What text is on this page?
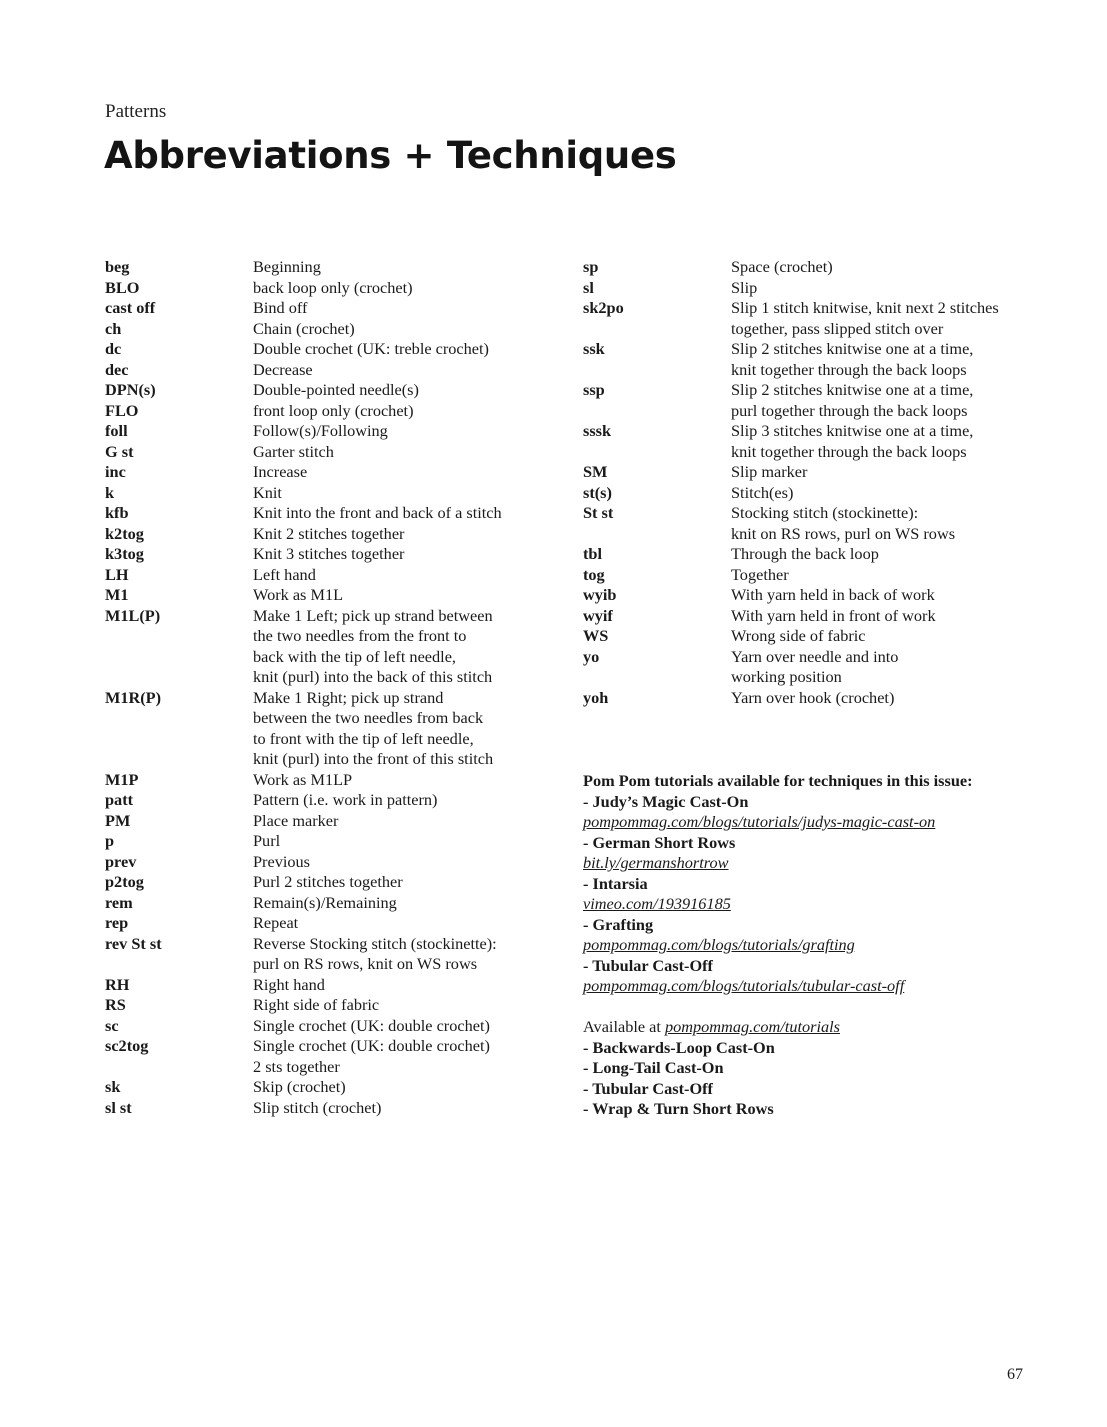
Patterns
Abbreviations + Techniques
beg	Beginning
BLO	back loop only (crochet)
cast off	Bind off
ch	Chain (crochet)
dc	Double crochet (UK: treble crochet)
dec	Decrease
DPN(s)	Double-pointed needle(s)
FLO	front loop only (crochet)
foll	Follow(s)/Following
G st	Garter stitch
inc	Increase
k	Knit
kfb	Knit into the front and back of a stitch
k2tog	Knit 2 stitches together
k3tog	Knit 3 stitches together
LH	Left hand
M1	Work as M1L
M1L(P)	Make 1 Left; pick up strand between
the two needles from the front to
back with the tip of left needle,
knit (purl) into the back of this stitch
M1R(P)	Make 1 Right; pick up strand
between the two needles from back
to front with the tip of left needle,
knit (purl) into the front of this stitch
M1P	Work as M1LP
patt	Pattern (i.e. work in pattern)
PM	Place marker
p	Purl
prev	Previous
p2tog	Purl 2 stitches together
rem	Remain(s)/Remaining
rep	Repeat
rev St st	Reverse Stocking stitch (stockinette):
purl on RS rows, knit on WS rows
RH	Right hand
RS	Right side of fabric
sc	Single crochet (UK: double crochet)
sc2tog	Single crochet (UK: double crochet)
2 sts together
sk	Skip (crochet)
sl st	Slip stitch (crochet)
sp	Space (crochet)
sl	Slip
sk2po	Slip 1 stitch knitwise, knit next 2 stitches
together, pass slipped stitch over
ssk	Slip 2 stitches knitwise one at a time,
knit together through the back loops
ssp	Slip 2 stitches knitwise one at a time,
purl together through the back loops
sssk	Slip 3 stitches knitwise one at a time,
knit together through the back loops
SM	Slip marker
st(s)	Stitch(es)
St st	Stocking stitch (stockinette):
knit on RS rows, purl on WS rows
tbl	Through the back loop
tog	Together
wyib	With yarn held in back of work
wyif	With yarn held in front of work
WS	Wrong side of fabric
yo	Yarn over needle and into
working position
yoh	Yarn over hook (crochet)
Pom Pom tutorials available for techniques in this issue:
- Judy’s Magic Cast-On
pompommag.com/blogs/tutorials/judys-magic-cast-on
- German Short Rows
bit.ly/germanshortrow
- Intarsia
vimeo.com/193916185
- Grafting
pompommag.com/blogs/tutorials/grafting
- Tubular Cast-Off
pompommag.com/blogs/tutorials/tubular-cast-off
Available at pompommag.com/tutorials
- Backwards-Loop Cast-On
- Long-Tail Cast-On
- Tubular Cast-Off
- Wrap & Turn Short Rows
67
